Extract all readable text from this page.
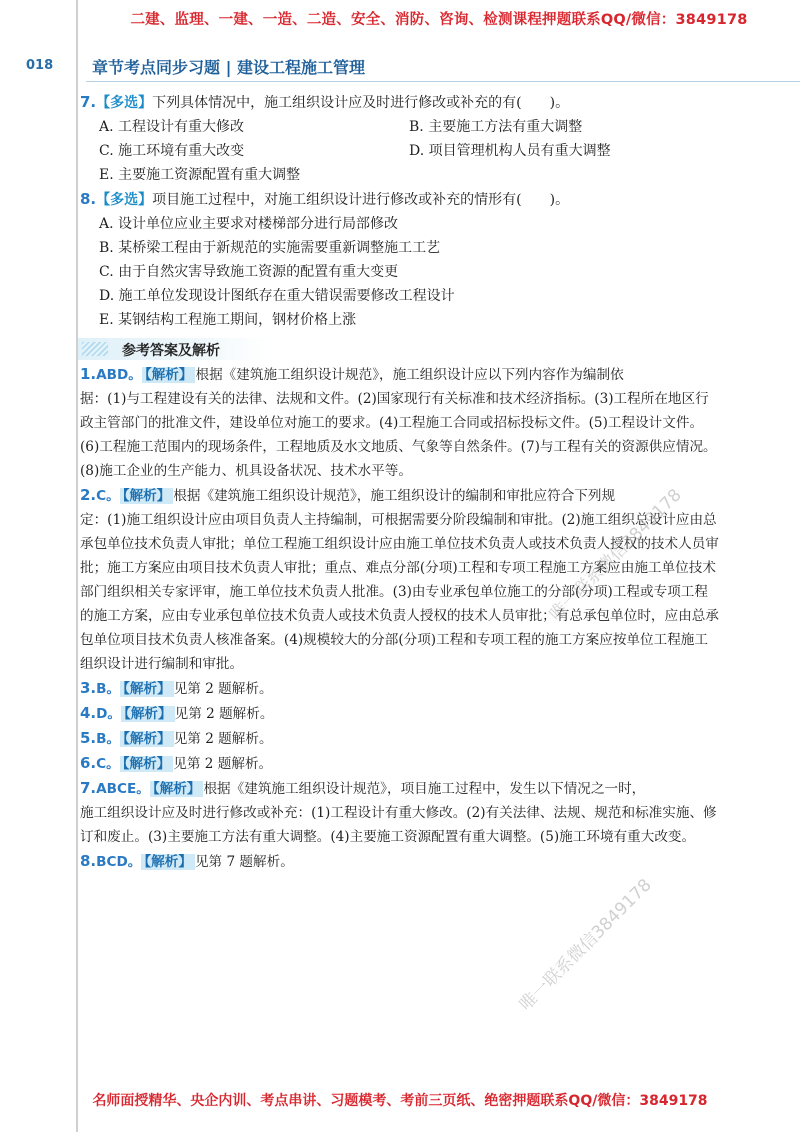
二建、监理、一建、一造、二造、安全、消防、咨询、检测课程押题联系QQ/微信：3849178
018 章节考点同步习题 | 建设工程施工管理
7.【多选】下列具体情况中，施工组织设计应及时进行修改或补充的有(　　)。
A. 工程设计有重大修改	B. 主要施工方法有重大调整
C. 施工环境有重大改变	D. 项目管理机构人员有重大调整
E. 主要施工资源配置有重大调整
8.【多选】项目施工过程中，对施工组织设计进行修改或补充的情形有(　　)。
A. 设计单位应业主要求对楼梯部分进行局部修改
B. 某桥梁工程由于新规范的实施需要重新调整施工工艺
C. 由于自然灾害导致施工资源的配置有重大变更
D. 施工单位发现设计图纸存在重大错误需要修改工程设计
E. 某钢结构工程施工期间，钢材价格上涨
参考答案及解析
1.ABD。 【解析】 根据《建筑施工组织设计规范》，施工组织设计应以下列内容作为编制依
据：(1)与工程建设有关的法律、法规和文件。(2)国家现行有关标准和技术经济指标。(3)工程所在地区行政主管部门的批准文件，建设单位对施工的要求。(4)工程施工合同或招标投标文件。(5)工程设计文件。(6)工程施工范围内的现场条件，工程地质及水文地质、气象等自然条件。(7)与工程有关的资源供应情况。(8)施工企业的生产能力、机具设备状况、技术水平等。
2.C。 【解析】 根据《建筑施工组织设计规范》，施工组织设计的编制和审批应符合下列规
定：(1)施工组织设计应由项目负责人主持编制，可根据需要分阶段编制和审批。(2)施工组织总设计应由总承包单位技术负责人审批；单位工程施工组织设计应由施工单位技术负责人或技术负责人授权的技术人员审批；施工方案应由项目技术负责人审批；重点、难点分部(分项)工程和专项工程施工方案应由施工单位技术部门组织相关专家评审，施工单位技术负责人批准。(3)由专业承包单位施工的分部(分项)工程或专项工程的施工方案，应由专业承包单位技术负责人或技术负责人授权的技术人员审批；有总承包单位时，应由总承包单位项目技术负责人核准备案。(4)规模较大的分部(分项)工程和专项工程的施工方案应按单位工程施工组织设计进行编制和审批。
3.B。 【解析】 见第 2 题解析。
4.D。 【解析】 见第 2 题解析。
5.B。 【解析】 见第 2 题解析。
6.C。 【解析】 见第 2 题解析。
7.ABCE。 【解析】 根据《建筑施工组织设计规范》，项目施工过程中，发生以下情况之一时，
施工组织设计应及时进行修改或补充：(1)工程设计有重大修改。(2)有关法律、法规、规范和标准实施、修订和废止。(3)主要施工方法有重大调整。(4)主要施工资源配置有重大调整。(5)施工环境有重大改变。
8.BCD。 【解析】 见第 7 题解析。
唯一联系微信3849178
唯一联系微信3849178
名师面授精华、央企内训、考点串讲、习题模考、考前三页纸、绝密押题联系QQ/微信：3849178
